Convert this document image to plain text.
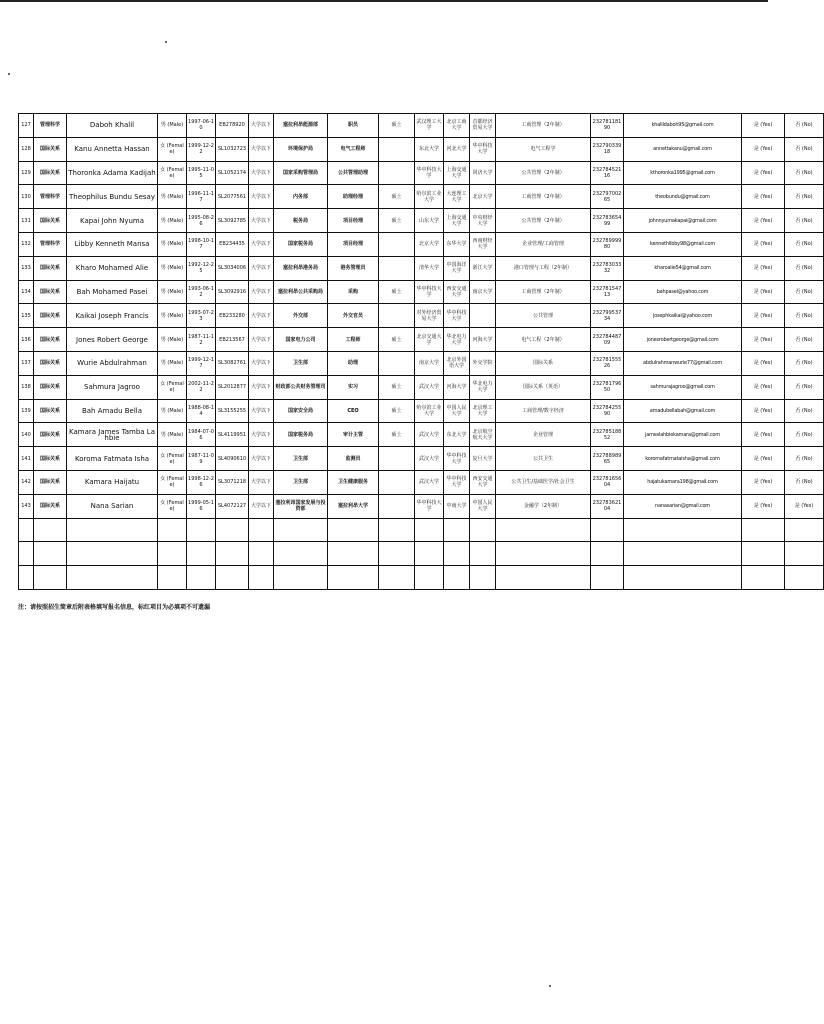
127	管理科学	Daboh Khalil	男 (Male)	1997-06-10	EB278920	大学以下	塞拉利昂能源部	职员	硕士	武汉理工大学	北京工商大学	首都经济贸易大学	工商管理（2年制）	23278118190	khalildaboh95@gmail.com	是 (Yes)	否 (No)
128	国际关系	Kanu Annetta Hassan	女 (Female)	1999-12-22	SL1032723	大学以下	环境保护局	电气工程师		东北大学	河北大学	华中科技大学	电气工程学	23279033918	annettakanu@gmail.com	是 (Yes)	否 (No)
129	国际关系	Thoronka Adama Kadijah	女 (Female)	1995-11-05	SL1052174	大学以下	国家采购管理局	公共管理助理		华中科技大学	上海交通大学	同济大学	公共管理（2年制）	23278452116	kthoronka1995@gmail.com	是 (Yes)	否 (No)
130	管理科学	Theophilus Bundu Sesay	男 (Male)	1996-11-17	SL2077561	大学以下	内务部	助理经理	硕士	哈尔滨工业大学	大连理工大学	北京大学	工商管理（2年制）	23279700265	theobundu@gmail.com	是 (Yes)	否 (No)
131	国际关系	Kapai John Nyuma	男 (Male)	1995-08-26	SL3092785	大学以下	税务局	项目经理	硕士	山东大学	上海交通大学	中央财经大学	公共管理（2年制）	23278365499	johnnyumakapai@gmail.com	是 (Yes)	否 (No)
132	管理科学	Libby Kenneth Mansa	男 (Male)	1998-10-17	EB234435	大学以下	国家税务局	项目经理		北京大学	东华大学	西南财经大学	企业管理/工商管理	23278999980	kennethlibby98@gmail.com	是 (Yes)	否 (No)
133	国际关系	Kharo Mohamed Alie	男 (Male)	1992-12-25	SL3034006	大学以下	塞拉利昂港务局	港务管理员		清华大学	中国海洋大学	浙江大学	港口管理与工程（2年制）	23278303332	kharoalie54@gmail.com	是 (Yes)	否 (No)
134	国际关系	Bah Mohamed Pasei	男 (Male)	1993-06-12	SL3092916	大学以下	塞拉利昂公共采购局	采购	硕士	华中科技大学	西安交通大学	南京大学	工商管理（2年制）	23278154713	bahpasei@yahoo.com	是 (Yes)	否 (No)
135	国际关系	Kaikai Joseph Francis	男 (Male)	1993-07-23	EB233280	大学以下	外交部	外交官员		对外经济贸易大学	华中科技大学		公共管理	23279953734	josephkaikai@yahoo.com	是 (Yes)	否 (No)
136	国际关系	Jones Robert George	男 (Male)	1987-11-12	EB213567	大学以下	国家电力公司	工程师	硕士	北京交通大学	华北电力大学	河海大学	电气工程（2年制）	23278448709	jonesrobertgeorge@gmail.com	是 (Yes)	否 (No)
137	国际关系	Wurie Abdulrahman	男 (Male)	1999-12-17	SL3082761	大学以下	卫生部	助理		南京大学	北京外国语大学	外交学院	国际关系	23278155526	abdulrahmanwurie77@gmail.com	是 (Yes)	否 (No)
138	国际关系	Sahmura Jagroo	女 (Female)	2002-11-22	SL2012877	大学以下	财政部公共财务管理司	实习	硕士	武汉大学	河海大学	华北电力大学	国际关系（英语）	23278179650	sahmurajagroo@gmail.com	是 (Yes)	否 (No)
139	国际关系	Bah Amadu Bella	男 (Male)	1988-08-14	SL3155255	大学以下	国家安全局	CEO	硕士	哈尔滨工业大学	中国人民大学	北京理工大学	工商管理/数字经济	23278425590	amadubellabah@gmail.com	是 (Yes)	否 (No)
140	国际关系	Kamara James Tamba Lahbie	男 (Male)	1984-07-06	SL4119951	大学以下	国家税务局	审计主管	硕士	武汉大学	东北大学	北京航空航天大学	企业管理	23278518852	jameslahbiekamara@gmail.com	是 (Yes)	否 (No)
141	国际关系	Koroma Fatmata Isha	女 (Female)	1987-11-09	SL4090610	大学以下	卫生部	监测员		武汉大学	华中科技大学	复旦大学	公共卫生	23278898965	koromafatmataisha@gmail.com	是 (Yes)	否 (No)
142	国际关系	Kamara Haijatu	女 (Female)	1998-12-26	SL3071218	大学以下	卫生部	卫生健康服务		武汉大学	华中科技大学	西安交通大学	公共卫生/基础医学/社会卫生	23278165604	hajatukamara198@gmail.com	是 (Yes)	否 (No)
143	国际关系	Nana Sarian	女 (Female)	1999-05-16	SL4072127	大学以下	塞拉利昂国家发展与投资部	塞拉利昂大学		华中科技大学	中南大学	中国人民大学	金融学（2年制）	23278362104	nanasarian@gmail.com	是 (Yes)	是 (Yes)

注：请按照招生简章后附表格填写报名信息，标红项目为必填项不可遗漏
